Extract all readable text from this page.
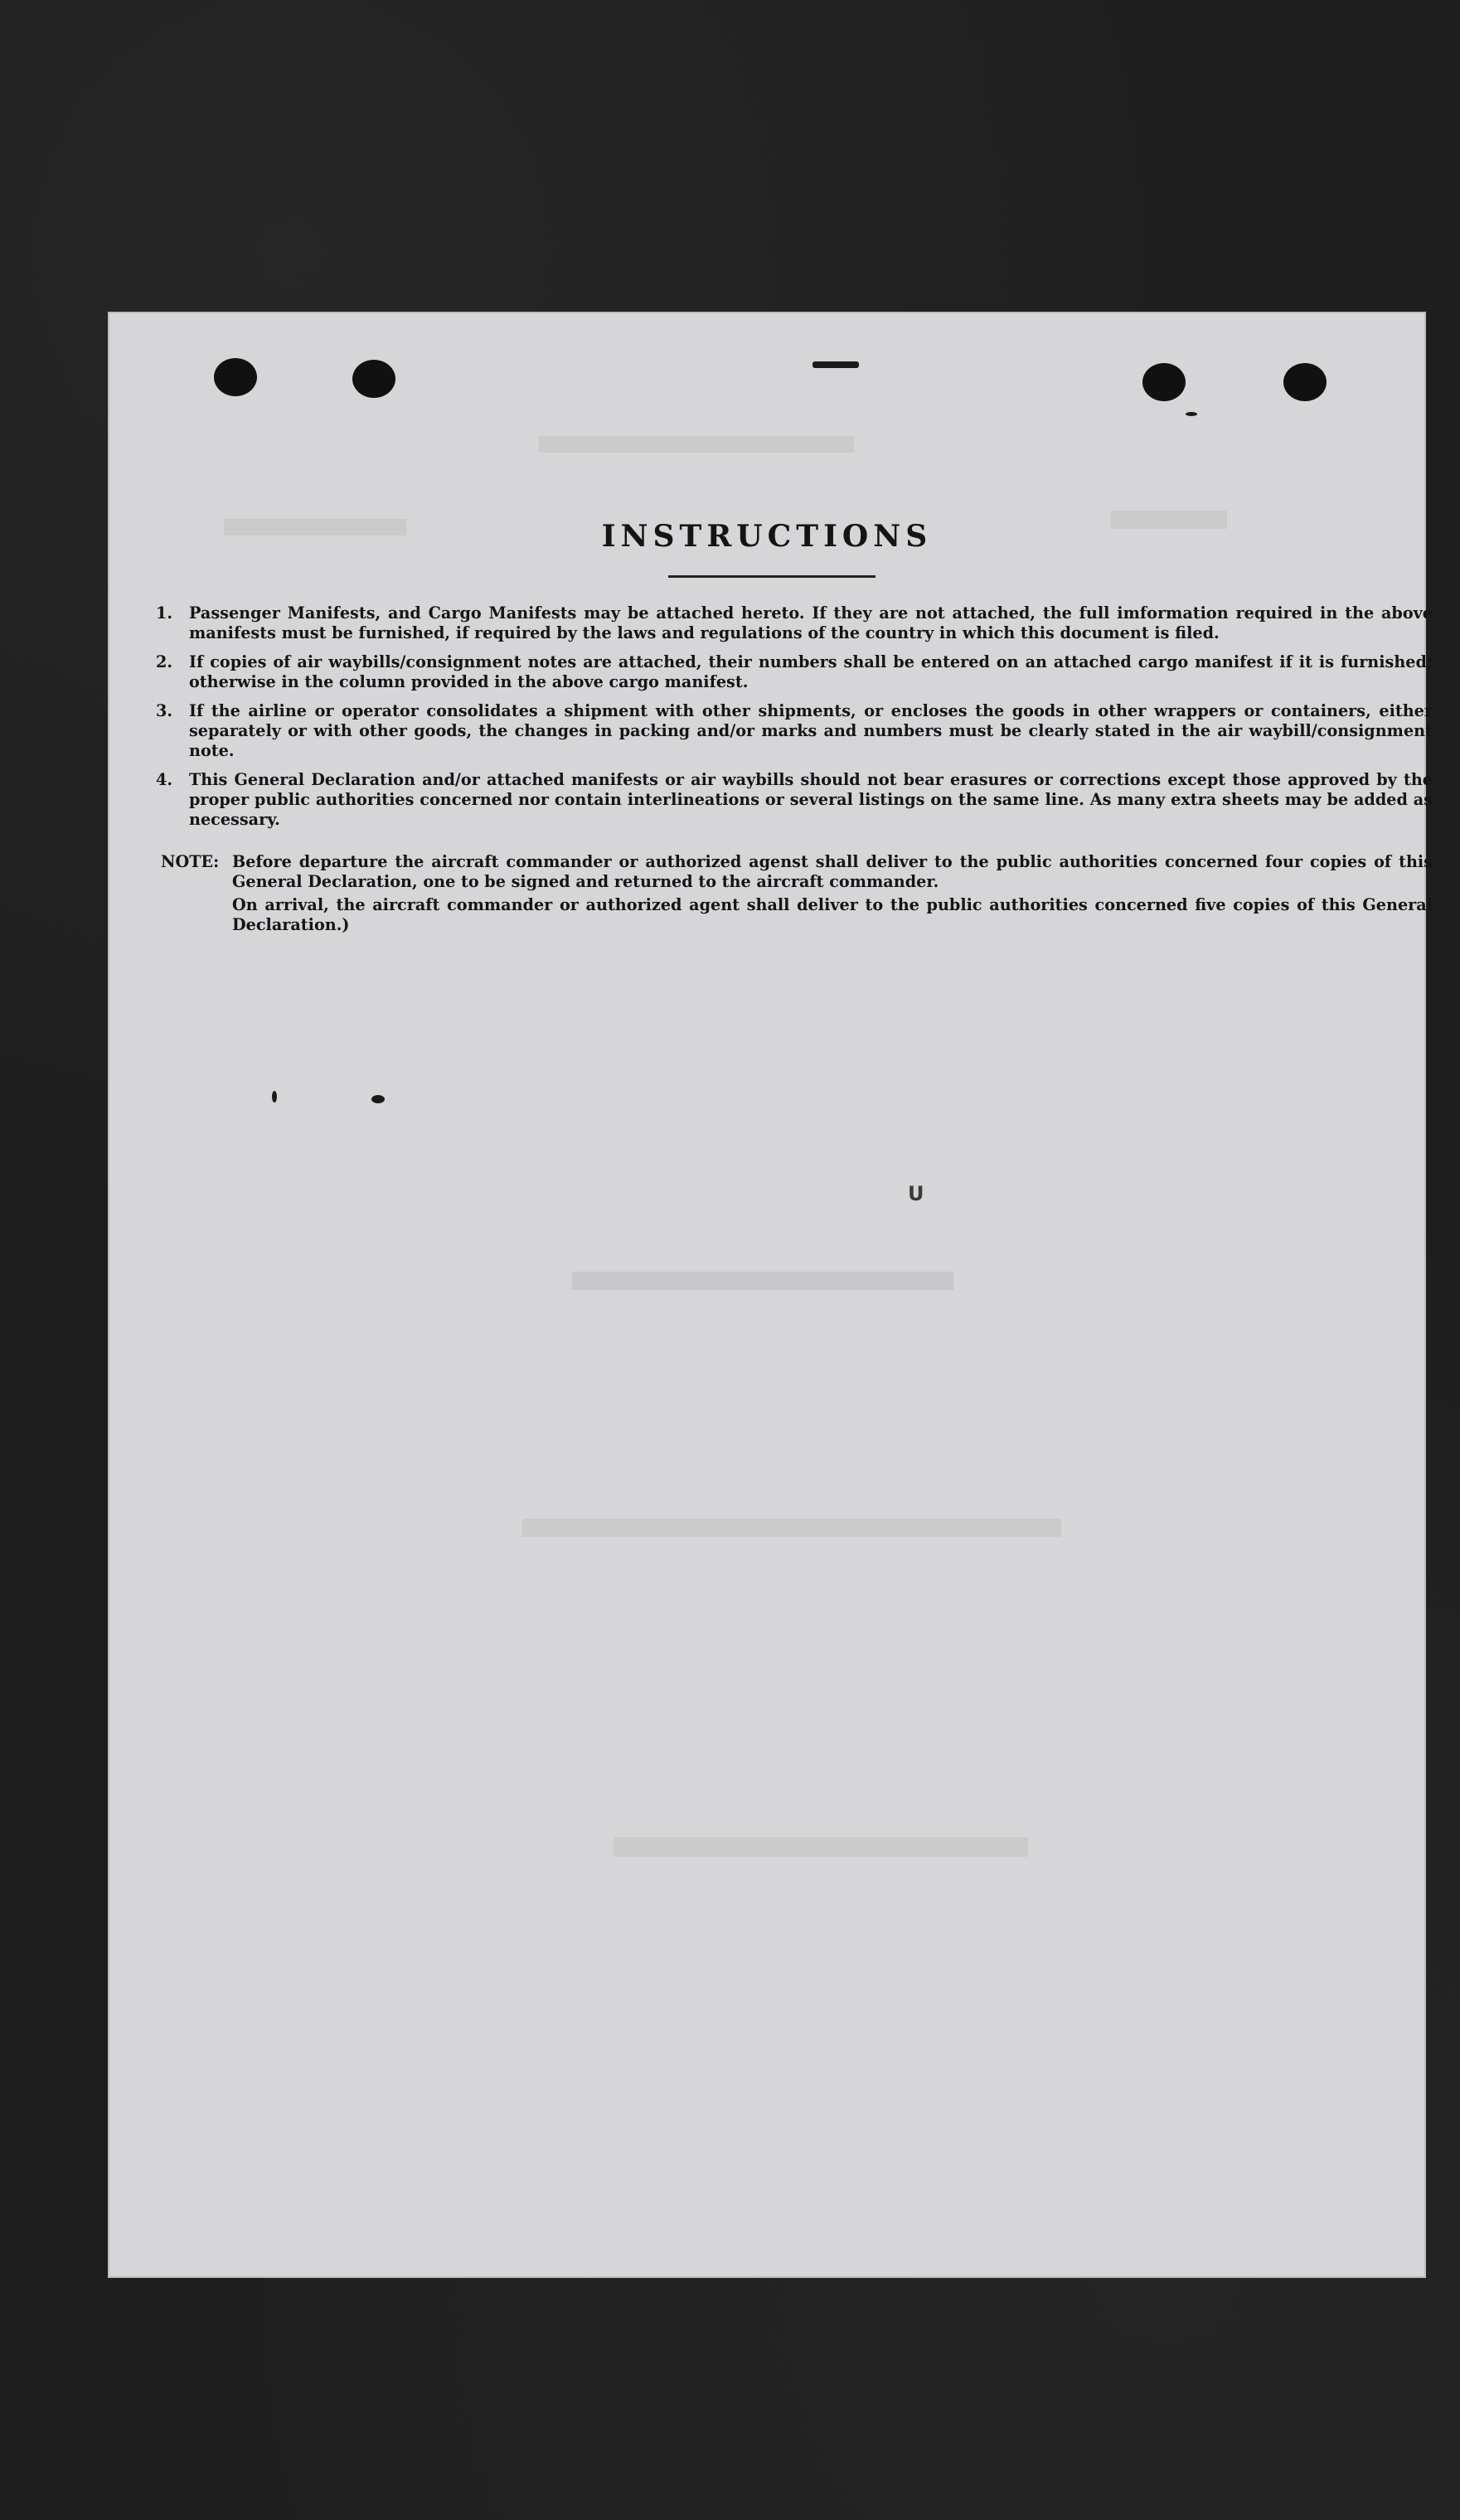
INSTRUCTIONS
1.	Passenger Manifests, and Cargo Manifests may be attached hereto. If they are not attached, the full imformation required in the above manifests must be furnished, if required by the laws and regulations of the country in which this document is filed.
2.	If copies of air waybills/consignment notes are attached, their numbers shall be entered on an attached cargo manifest if it is furnished; otherwise in the column provided in the above cargo manifest.
3.	If the airline or operator consolidates a shipment with other shipments, or encloses the goods in other wrappers or containers, either separately or with other goods, the changes in packing and/or marks and numbers must be clearly stated in the air waybill/consignment note.
4.	This General Declaration and/or attached manifests or air waybills should not bear erasures or corrections except those approved by the proper public authorities concerned nor contain interlineations or several listings on the same line. As many extra sheets may be added as necessary.
NOTE: Before departure the aircraft commander or authorized agenst shall deliver to the public authorities concerned four copies of this General Declaration, one to be signed and returned to the aircraft commander.
On arrival, the aircraft commander or authorized agent shall deliver to the public authorities concerned five copies of this General Declaration.)
U
